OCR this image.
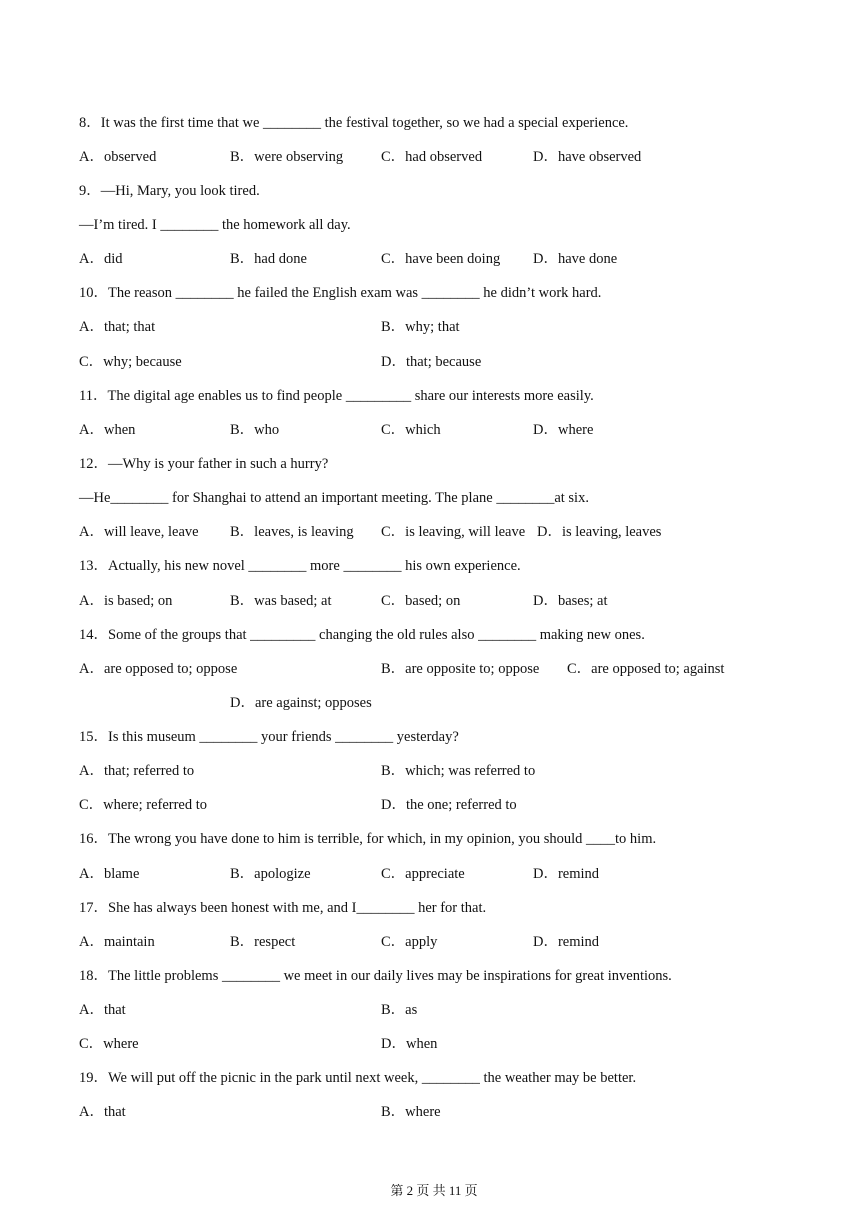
8．It was the first time that we ________ the festival together, so we had a special experience.
A．observed	B．were observing	C．had observed	D．have observed
9．—Hi, Mary, you look tired.
—I’m tired. I ________ the homework all day.
A．did	B．had done	C．have been doing D．have done
10．The reason ________ he failed the English exam was ________ he didn’t work hard.
A．that; that	B．why; that
C．why; because	D．that; because
11．The digital age enables us to find people _________ share our interests more easily.
A．when	B．who	C．which	D．where
12．—Why is your father in such a hurry?
—He________ for Shanghai to attend an important meeting. The plane ________at six.
A．will leave, leave B．leaves, is leaving C．is leaving, will leave D．is leaving, leaves
13．Actually, his new novel ________ more ________ his own experience.
A．is based; on	B．was based; at	C．based; on	D．bases; at
14．Some of the groups that _________ changing the old rules also ________ making new ones.
A．are opposed to; oppose	B．are opposite to; oppose C．are opposed to; against
D．are against; opposes
15．Is this museum ________ your friends ________ yesterday?
A．that; referred to	B．which; was referred to
C．where; referred to	D．the one; referred to
16．The wrong you have done to him is terrible, for which, in my opinion, you should ____to him.
A．blame	B．apologize	C．appreciate	D．remind
17．She has always been honest with me, and I________ her for that.
A．maintain	B．respect	C．apply	D．remind
18．The little problems ________ we meet in our daily lives may be inspirations for great inventions.
A．that	B．as
C．where	D．when
19．We will put off the picnic in the park until next week, ________ the weather may be better.
A．that	B．where
第 2 页 共 11 页
